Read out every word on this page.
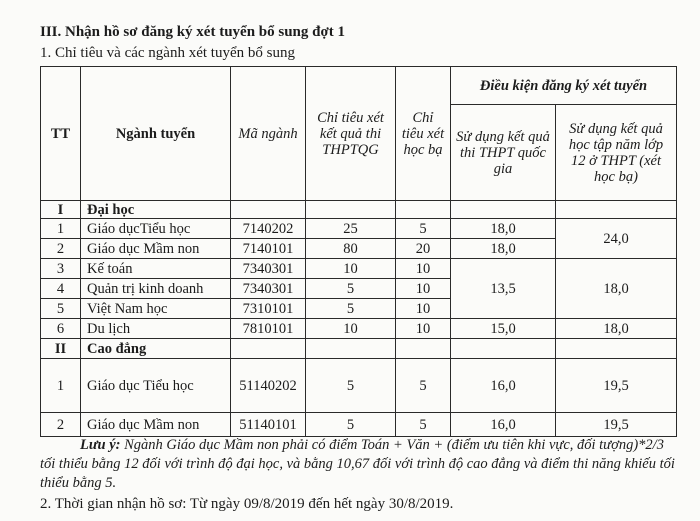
III. Nhận hồ sơ đăng ký xét tuyển bổ sung đợt 1
1. Chỉ tiêu và các ngành xét tuyển bổ sung
TT	Ngành tuyển	Mã ngành	Chỉ tiêu xét kết quả thi THPTQG	Chỉ tiêu xét học bạ	Điều kiện đăng ký xét tuyển	
					Sử dụng kết quả thi THPT quốc gia	Sử dụng kết quả học tập năm lớp 12 ở THPT (xét học bạ)
I	Đại học					
1	Giáo dụcTiểu học	7140202	25	5	18,0	24,0
2	Giáo dục Mầm non	7140101	80	20	18,0	
3	Kế toán	7340301	10	10	13,5	18,0
4	Quản trị kinh doanh	7340301	5	10		
5	Việt Nam học	7310101	5	10		
6	Du lịch	7810101	10	10	15,0	18,0
II	Cao đẳng					
1	Giáo dục Tiểu học	51140202	5	5	16,0	19,5
2	Giáo dục Mầm non	51140101	5	5	16,0	19,5
Lưu ý: Ngành Giáo dục Mầm non phải có điểm Toán + Văn + (điểm ưu tiên khi vực, đối tượng)*2/3 tối thiểu bằng 12 đối với trình độ đại học, và bằng 10,67 đối với trình độ cao đẳng và điểm thi năng khiếu tối thiểu bằng 5.
2. Thời gian nhận hồ sơ: Từ ngày 09/8/2019 đến hết ngày 30/8/2019.
